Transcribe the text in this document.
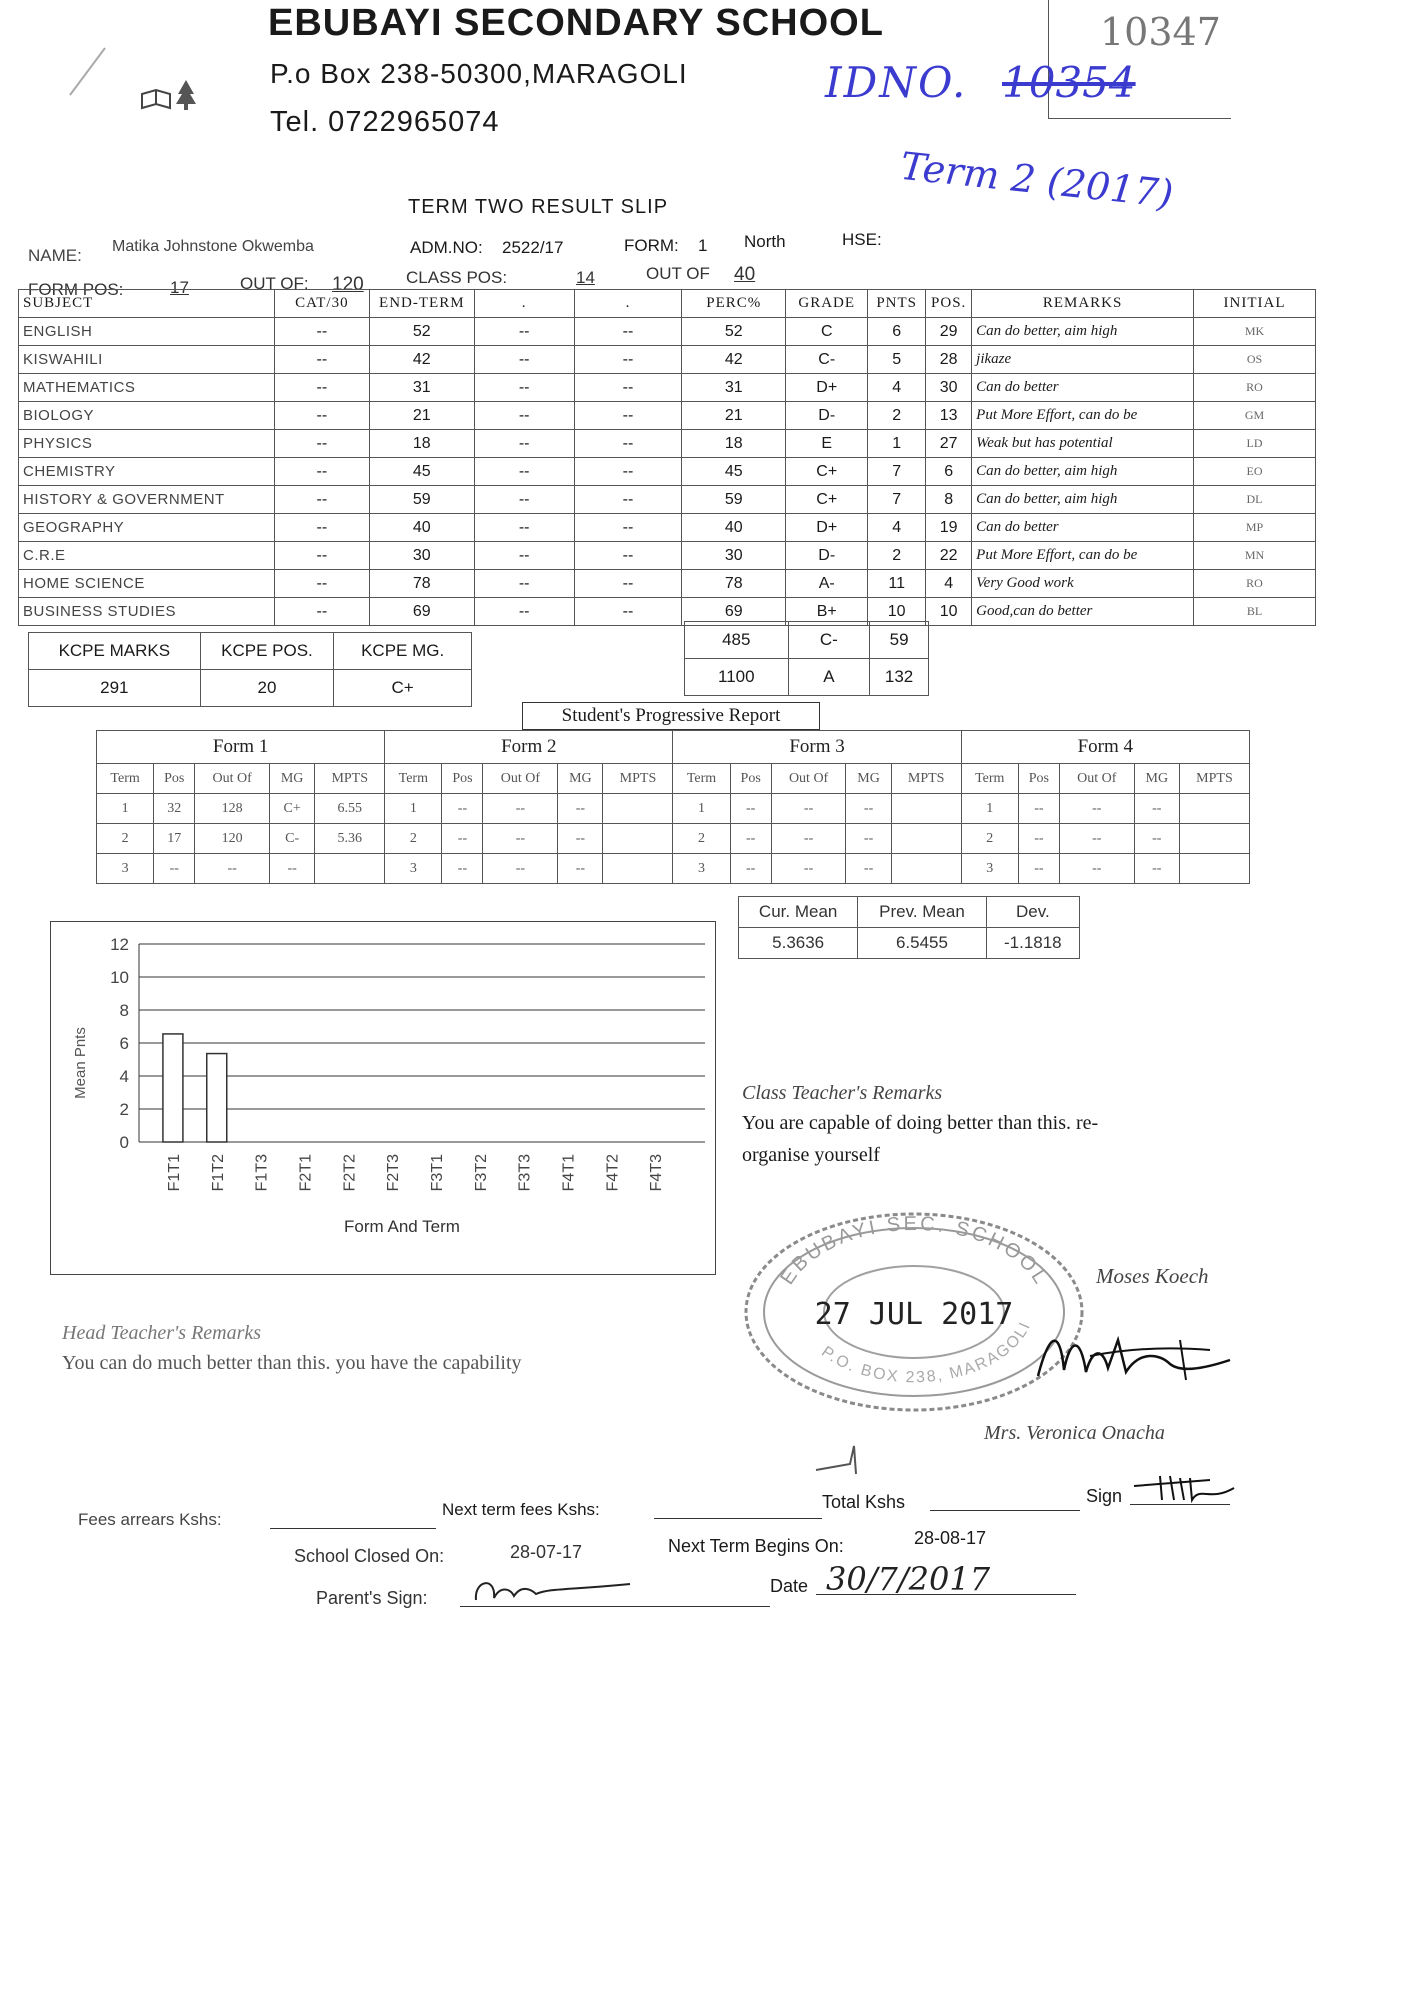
EBUBAYI SECONDARY SCHOOL
P.o Box 238-50300,MARAGOLI
Tel. 0722965074
10347
IDNO. 10354
Term 2 (2017)
TERM TWO RESULT SLIP
NAME: Matika Johnstone Okwemba	ADM.NO: 2522/17	FORM: 1 North	HSE:
FORM POS:	17	OUT OF: 120 CLASS POS:	14	OUT OF 40
SUBJECT	CAT/30	END-TERM	.	.	PERC%	GRADE	PNTS	POS.	REMARKS	INITIAL
ENGLISH	--	52	--	--	52	C	6	29	Can do better, aim high	MK
KISWAHILI	--	42	--	--	42	C-	5	28	jikaze	OS
MATHEMATICS	--	31	--	--	31	D+	4	30	Can do better	RO
BIOLOGY	--	21	--	--	21	D-	2	13	Put More Effort, can do be	GM
PHYSICS	--	18	--	--	18	E	1	27	Weak but has potential	LD
CHEMISTRY	--	45	--	--	45	C+	7	6	Can do better, aim high	EO
HISTORY & GOVERNMENT	--	59	--	--	59	C+	7	8	Can do better, aim high	DL
GEOGRAPHY	--	40	--	--	40	D+	4	19	Can do better	MP
C.R.E	--	30	--	--	30	D-	2	22	Put More Effort, can do be	MN
HOME SCIENCE	--	78	--	--	78	A-	11	4	Very Good work	RO
BUSINESS STUDIES	--	69	--	--	69	B+	10	10	Good,can do better	BL
485	C-	59
1100	A	132
KCPE MARKS	KCPE POS.	KCPE MG.
291	20	C+
Student's Progressive Report
Form 1					Form 2					Form 3					Form 4				
Term	Pos	Out Of	MG	MPTS	Term	Pos	Out Of	MG	MPTS	Term	Pos	Out Of	MG	MPTS	Term	Pos	Out Of	MG	MPTS
1	32	128	C+	6.55	1	--	--	--		1	--	--	--		1	--	--	--	
2	17	120	C-	5.36	2	--	--	--		2	--	--	--		2	--	--	--	
3	--	--	--		3	--	--	--		3	--	--	--		3	--	--	--	
Cur. Mean	Prev. Mean	Dev.
5.3636	6.5455	-1.1818
0
2
4
6
8
10
12
F1T1 F1T2 F1T3 F2T1 F2T2 F2T3 F3T1 F3T2 F3T3 F4T1 F4T2 F4T3
Form And Term
Mean Pnts	Class Teacher's Remarks
You are capable of doing better than this. re-
organise yourself
Moses Koech
EBUBAYI SEC. SCHOOL
P.O. BOX 238, MARAGOLI
27 JUL 2017
Mrs. Veronica Onacha
Head Teacher's Remarks
You can do much better than this. you have the capability
Fees arrears Kshs:
Next term fees Kshs:	Total Kshs	Sign
School Closed On:	28-07-17	Next Term Begins On:	28-08-17
Parent's Sign:
Date 30/7/2017
